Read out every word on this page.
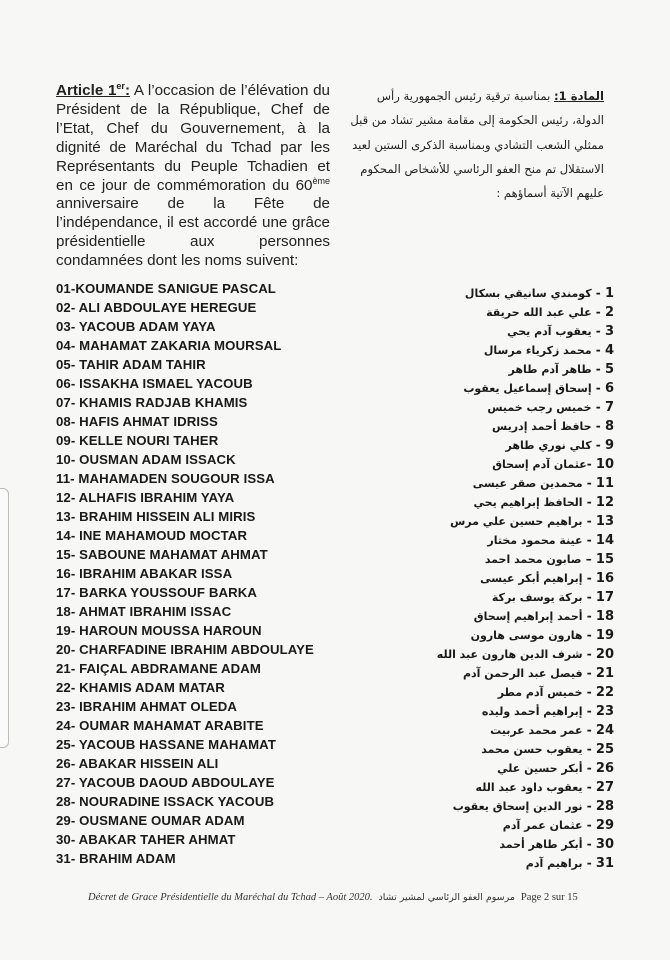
Article 1er: A l’occasion de l’élévation du Président de la République, Chef de l’Etat, Chef du Gouvernement, à la dignité de Maréchal du Tchad par les Représentants du Peuple Tchadien et en ce jour de commémoration du 60ème anniversaire de la Fête de l’indépendance, il est accordé une grâce présidentielle aux personnes condamnées dont les noms suivent:

المادة 1: بمناسبة ترقية رئيس الجمهورية رأس الدولة، رئيس الحكومة إلى مقامة مشير تشاد من قبل ممثلي الشعب التشادي وبمناسبة الذكرى الستين لعيد الاستقلال تم منح العفو الرئاسي للأشخاص المحكوم عليهم الآتية أسماؤهم :

01-KOUMANDE SANIGUE PASCAL
02- ALI ABDOULAYE HEREGUE
03- YACOUB ADAM YAYA
04- MAHAMAT ZAKARIA MOURSAL
05- TAHIR ADAM TAHIR
06- ISSAKHA ISMAEL YACOUB
07- KHAMIS RADJAB KHAMIS
08- HAFIS AHMAT IDRISS
09- KELLE NOURI TAHER
10- OUSMAN ADAM ISSACK
11- MAHAMADEN SOUGOUR ISSA
12- ALHAFIS IBRAHIM YAYA
13- BRAHIM HISSEIN ALI MIRIS
14- INE MAHAMOUD MOCTAR
15- SABOUNE MAHAMAT AHMAT
16- IBRAHIM ABAKAR ISSA
17- BARKA YOUSSOUF BARKA
18- AHMAT IBRAHIM ISSAC
19- HAROUN MOUSSA HAROUN
20- CHARFADINE IBRAHIM ABDOULAYE
21- FAIÇAL ABDRAMANE ADAM
22- KHAMIS ADAM MATAR
23- IBRAHIM AHMAT OLEDA
24- OUMAR MAHAMAT ARABITE
25- YACOUB HASSANE MAHAMAT
26- ABAKAR HISSEIN ALI
27- YACOUB DAOUD ABDOULAYE
28- NOURADINE ISSACK YACOUB
29- OUSMANE OUMAR ADAM
30- ABAKAR TAHER AHMAT
31- BRAHIM ADAM
1 - كومندي سانيقي بسكال
2 - علي عبد الله حريقة
3 - يعقوب آدم يحي
4 - محمد زكرياء مرسال
5 - طاهر آدم طاهر
6 - إسحاق إسماعيل يعقوب
7 - خميس رجب خميس
8 - حافظ أحمد إدريس
9 - كلي نوري طاهر
10 -عثمان آدم إسحاق
11 - محمدين صقر عيسى
12 - الحافظ إبراهيم يحي
13 - براهيم حسين علي مرس
14 - عينة محمود مختار
15 – صابون محمد احمد
16 - إبراهيم أبكر عيسى
17 - بركة يوسف بركة
18 - أحمد إبراهيم إسحاق
19 - هارون موسى هارون
20 - شرف الدين هارون عبد الله
21 - فيصل عبد الرحمن آدم
22 - خميس آدم مطر
23 - إبراهيم أحمد وليده
24 - عمر محمد عربيت
25 - يعقوب حسن محمد
26 - أبكر حسين علي
27 - يعقوب داود عبد الله
28 - نور الدين إسحاق يعقوب
29 - عثمان عمر آدم
30 - أبكر طاهر أحمد
31 - براهيم آدم
Décret de Grace Présidentielle du Maréchal du Tchad – Août 2020. مرسوم العفو الرئاسي لمشير تشاد Page 2 sur 15
